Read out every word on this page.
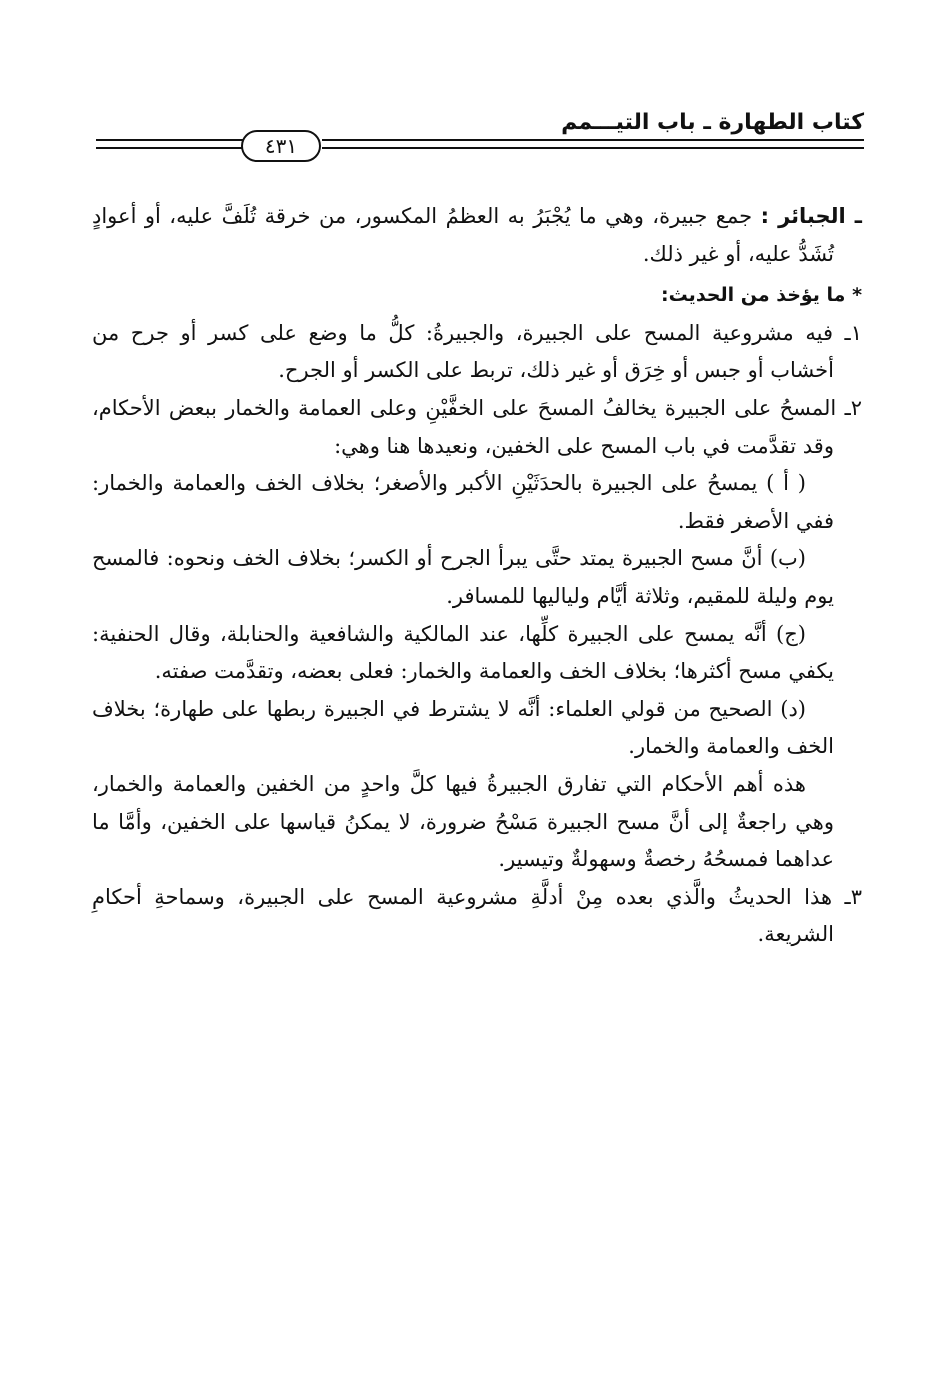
كتاب الطهارة ـ باب التيـــمم
٤٣١

ـ الجبائر : جمع جبيرة، وهي ما يُجْبَرُ به العظمُ المكسور، من خرقة تُلَفَّ عليه، أو أعوادٍ تُشَدُّ عليه، أو غير ذلك.

* ما يؤخذ من الحديث:

١ـ فيه مشروعية المسح على الجبيرة، والجبيرةُ: كلُّ ما وضع على كسر أو جرح من أخشاب أو جبس أو خِرَق أو غير ذلك، تربط على الكسر أو الجرح.

٢ـ المسحُ على الجبيرة يخالفُ المسحَ على الخفَّيْنِ وعلى العمامة والخمار ببعض الأحكام، وقد تقدَّمت في باب المسح على الخفين، ونعيدها هنا وهي:

( أ ) يمسحُ على الجبيرة بالحدَثَيْنِ الأكبر والأصغر؛ بخلاف الخف والعمامة والخمار: ففي الأصغر فقط.

(ب) أنَّ مسح الجبيرة يمتد حتَّى يبرأ الجرح أو الكسر؛ بخلاف الخف ونحوه: فالمسح يوم وليلة للمقيم، وثلاثة أيَّام ولياليها للمسافر.

(ج) أنَّه يمسح على الجبيرة كلِّها، عند المالكية والشافعية والحنابلة، وقال الحنفية: يكفي مسح أكثرها؛ بخلاف الخف والعمامة والخمار: فعلى بعضه، وتقدَّمت صفته.

(د) الصحيح من قولي العلماء: أنَّه لا يشترط في الجبيرة ربطها على طهارة؛ بخلاف الخف والعمامة والخمار.

هذه أهم الأحكام التي تفارق الجبيرةُ فيها كلَّ واحدٍ من الخفين والعمامة والخمار، وهي راجعةٌ إلى أنَّ مسح الجبيرة مَسْحُ ضرورة، لا يمكنُ قياسها على الخفين، وأمَّا ما عداهما فمسحُهُ رخصةٌ وسهولةٌ وتيسير.

٣ـ هذا الحديثُ والَّذي بعده مِنْ أدلَّةِ مشروعية المسح على الجبيرة، وسماحةِ أحكامِ الشريعة.
